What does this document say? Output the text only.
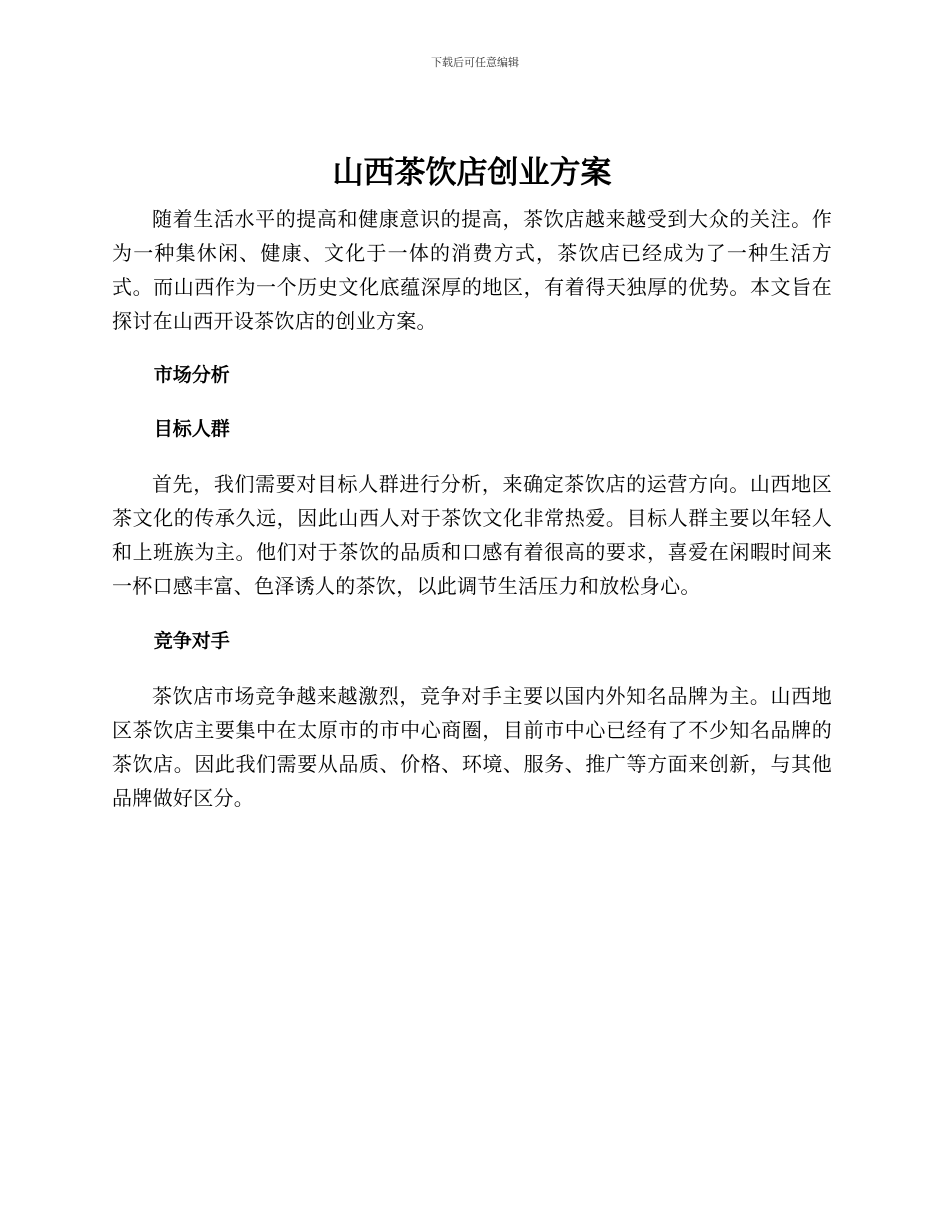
下载后可任意编辑
山西茶饮店创业方案

随着生活水平的提高和健康意识的提高，茶饮店越来越受到大众的关注。作为一种集休闲、健康、文化于一体的消费方式，茶饮店已经成为了一种生活方式。而山西作为一个历史文化底蕴深厚的地区，有着得天独厚的优势。本文旨在探讨在山西开设茶饮店的创业方案。

市场分析
目标人群

首先，我们需要对目标人群进行分析，来确定茶饮店的运营方向。山西地区茶文化的传承久远，因此山西人对于茶饮文化非常热爱。目标人群主要以年轻人和上班族为主。他们对于茶饮的品质和口感有着很高的要求，喜爱在闲暇时间来一杯口感丰富、色泽诱人的茶饮，以此调节生活压力和放松身心。

竞争对手

茶饮店市场竞争越来越激烈，竞争对手主要以国内外知名品牌为主。山西地区茶饮店主要集中在太原市的市中心商圈，目前市中心已经有了不少知名品牌的茶饮店。因此我们需要从品质、价格、环境、服务、推广等方面来创新，与其他品牌做好区分。
